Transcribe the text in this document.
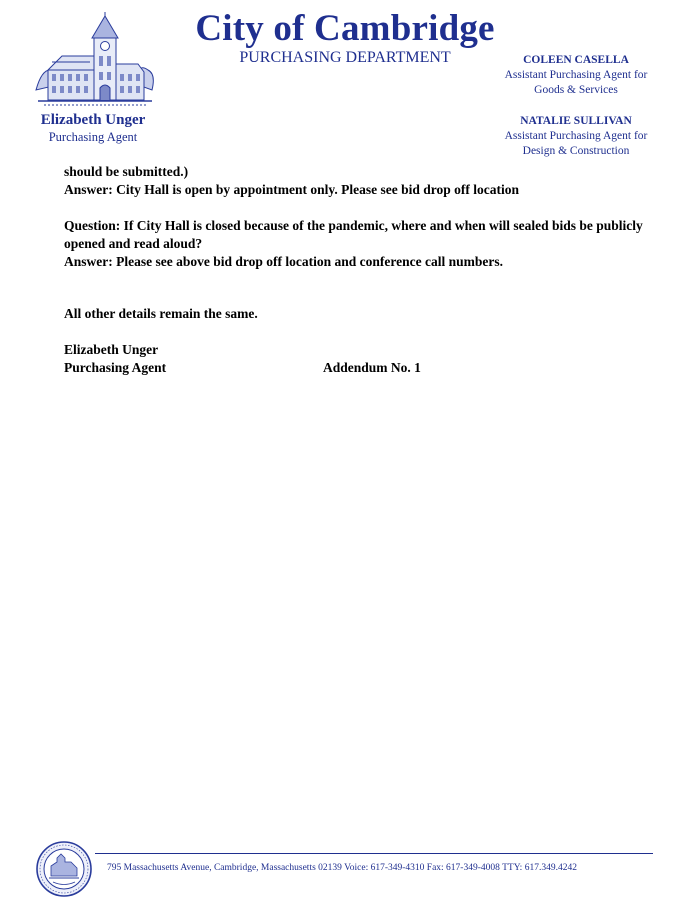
Elizabeth Unger
Purchasing Agent
City of Cambridge
PURCHASING DEPARTMENT	COLEEN CASELLA
Assistant Purchasing Agent for
Goods & Services
NATALIE SULLIVAN
Assistant Purchasing Agent for
Design & Construction

should be submitted.)

Answer: City Hall is open by appointment only. Please see bid drop off location

Question: If City Hall is closed because of the pandemic, where and when will sealed bids be publicly opened and read aloud?

Answer: Please see above bid drop off location and conference call numbers.

All other details remain the same.

Elizabeth Unger

Purchasing Agent	Addendum No. 1
795 Massachusetts Avenue, Cambridge, Massachusetts 02139 Voice: 617-349-4310 Fax: 617-349-4008 TTY: 617.349.4242
